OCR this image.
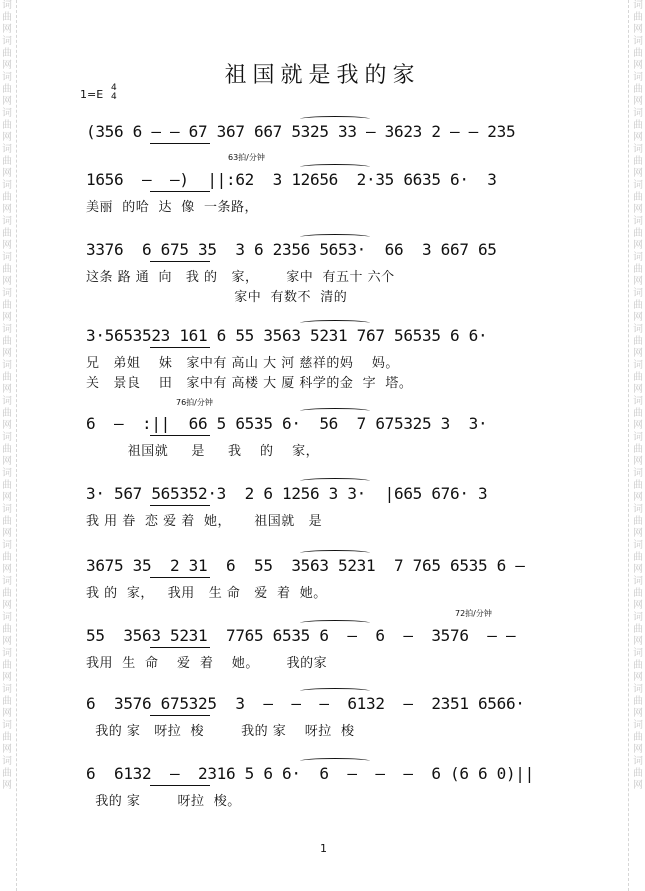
词曲网词曲网词曲网词曲网词曲网词曲网词曲网词曲网词曲网词曲网词曲网词曲网词曲网词曲网词曲网词曲网词曲网词曲网词曲网词曲网词曲网词曲网
词曲网词曲网词曲网词曲网词曲网词曲网词曲网词曲网词曲网词曲网词曲网词曲网词曲网词曲网词曲网词曲网词曲网词曲网词曲网词曲网词曲网词曲网
祖国就是我的家
1=E 4
4
63拍/分钟
76拍/分钟
72拍/分钟
(356 6 — — 67 367 667 5325 33 — 3623 2 — — 235
1656  —  —)  ||:62  3 12656  2·35 6635 6·  3
美丽  的哈  达  像  一条路，
3376  6 675 35  3 6 2356 5653·  66  3 667 65
这条 路 通  向   我 的   家，      家中  有五十 六个
家中  有数不  清的
3·5653523 161 6 55 3563 5231 767 56535 6 6·
兄   弟姐    妹   家中有 高山 大 河 慈祥的妈    妈。
关   景良    田   家中有 高楼 大 厦 科学的金  字  塔。
6  —  :||  66 5 6535 6·  56  7 675325 3  3·
祖国就     是     我    的    家，
3· 567 565352·3  2 6 1256 3 3·  |665 676· 3
我 用 眷  恋 爱 着  她，     祖国就   是
3675 35  2 31  6  55  3563 5231  7 765 6535 6 —
我 的  家，   我用   生 命   爱  着  她。
55  3563 5231  7765 6535 6  —  6  —  3576  — —
我用  生  命    爱  着    她。      我的家
6  3576 675325  3  —  —  —  6132  —  2351 6566·
我的 家   呀拉  梭        我的 家    呀拉  梭
6  6132  —  2316 5 6 6·  6  —  —  —  6 (6 6 0)||
我的 家        呀拉  梭。
1
